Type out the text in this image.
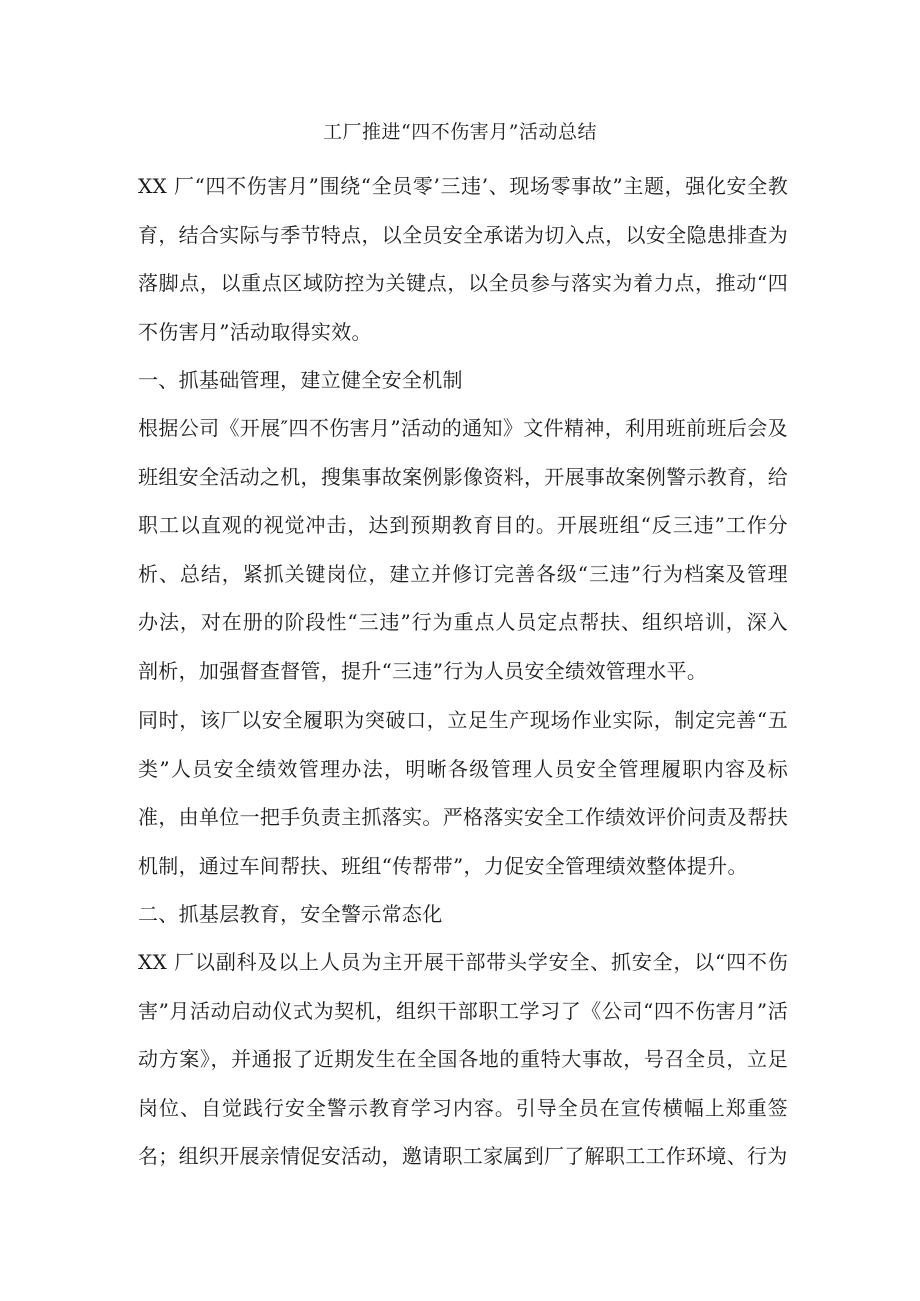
工厂推进“四不伤害月”活动总结

XX 厂“四不伤害月”围绕“全员零’三违’、现场零事故”主题，强化安全教育，结合实际与季节特点，以全员安全承诺为切入点，以安全隐患排查为落脚点，以重点区域防控为关键点，以全员参与落实为着力点，推动“四不伤害月”活动取得实效。

一、抓基础管理，建立健全安全机制

根据公司《开展″四不伤害月”活动的通知》文件精神，利用班前班后会及班组安全活动之机，搜集事故案例影像资料，开展事故案例警示教育，给职工以直观的视觉冲击，达到预期教育目的。开展班组“反三违”工作分析、总结，紧抓关键岗位，建立并修订完善各级“三违”行为档案及管理办法，对在册的阶段性“三违”行为重点人员定点帮扶、组织培训，深入剖析，加强督查督管，提升“三违”行为人员安全绩效管理水平。

同时，该厂以安全履职为突破口，立足生产现场作业实际，制定完善“五类”人员安全绩效管理办法，明晰各级管理人员安全管理履职内容及标准，由单位一把手负责主抓落实。严格落实安全工作绩效评价问责及帮扶机制，通过车间帮扶、班组“传帮带”，力促安全管理绩效整体提升。

二、抓基层教育，安全警示常态化

XX 厂以副科及以上人员为主开展干部带头学安全、抓安全，以“四不伤害”月活动启动仪式为契机，组织干部职工学习了《公司“四不伤害月”活动方案》，并通报了近期发生在全国各地的重特大事故，号召全员，立足岗位、自觉践行安全警示教育学习内容。引导全员在宣传横幅上郑重签名；组织开展亲情促安活动，邀请职工家属到厂了解职工工作环境、行为
